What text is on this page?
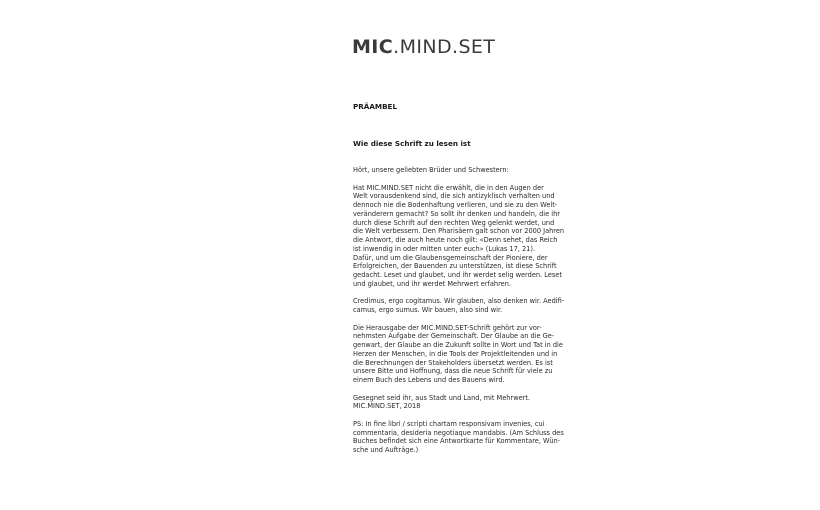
MIC.MIND.SET
PRÄAMBEL
Wie diese Schrift zu lesen ist

Hört, unsere geliebten Brüder und Schwestern:

Hat MIC.MIND.SET nicht die erwählt, die in den Augen der
Welt vorausdenkend sind, die sich antizyklisch verhalten und
dennoch nie die Bodenhaftung verlieren, und sie zu den Welt-
veränderern gemacht? So sollt ihr denken und handeln, die ihr
durch diese Schrift auf den rechten Weg gelenkt werdet, und
die Welt verbessern. Den Pharisäern galt schon vor 2000 Jahren
die Antwort, die auch heute noch gilt: «Denn sehet, das Reich
ist inwendig in oder mitten unter euch» (Lukas 17, 21).
Dafür, und um die Glaubensgemeinschaft der Pioniere, der
Erfolgreichen, der Bauenden zu unterstützen, ist diese Schrift
gedacht. Leset und glaubet, und ihr werdet selig werden. Leset
und glaubet, und ihr werdet Mehrwert erfahren.

Credimus, ergo cogitamus. Wir glauben, also denken wir. Aedifi-
camus, ergo sumus. Wir bauen, also sind wir.

Die Herausgabe der MIC.MIND.SET-Schrift gehört zur vor-
nehmsten Aufgabe der Gemeinschaft. Der Glaube an die Ge-
genwart, der Glaube an die Zukunft sollte in Wort und Tat in die
Herzen der Menschen, in die Tools der Projektleitenden und in
die Berechnungen der Stakeholders übersetzt werden. Es ist
unsere Bitte und Hoffnung, dass die neue Schrift für viele zu
einem Buch des Lebens und des Bauens wird.

Gesegnet seid ihr, aus Stadt und Land, mit Mehrwert.
MIC.MIND.SET, 2018

PS: In fine libri / scripti chartam responsivam invenies, cui
commentaria, desideria negotiaque mandabis. (Am Schluss des
Buches befindet sich eine Antwortkarte für Kommentare, Wün-
sche und Aufträge.)
